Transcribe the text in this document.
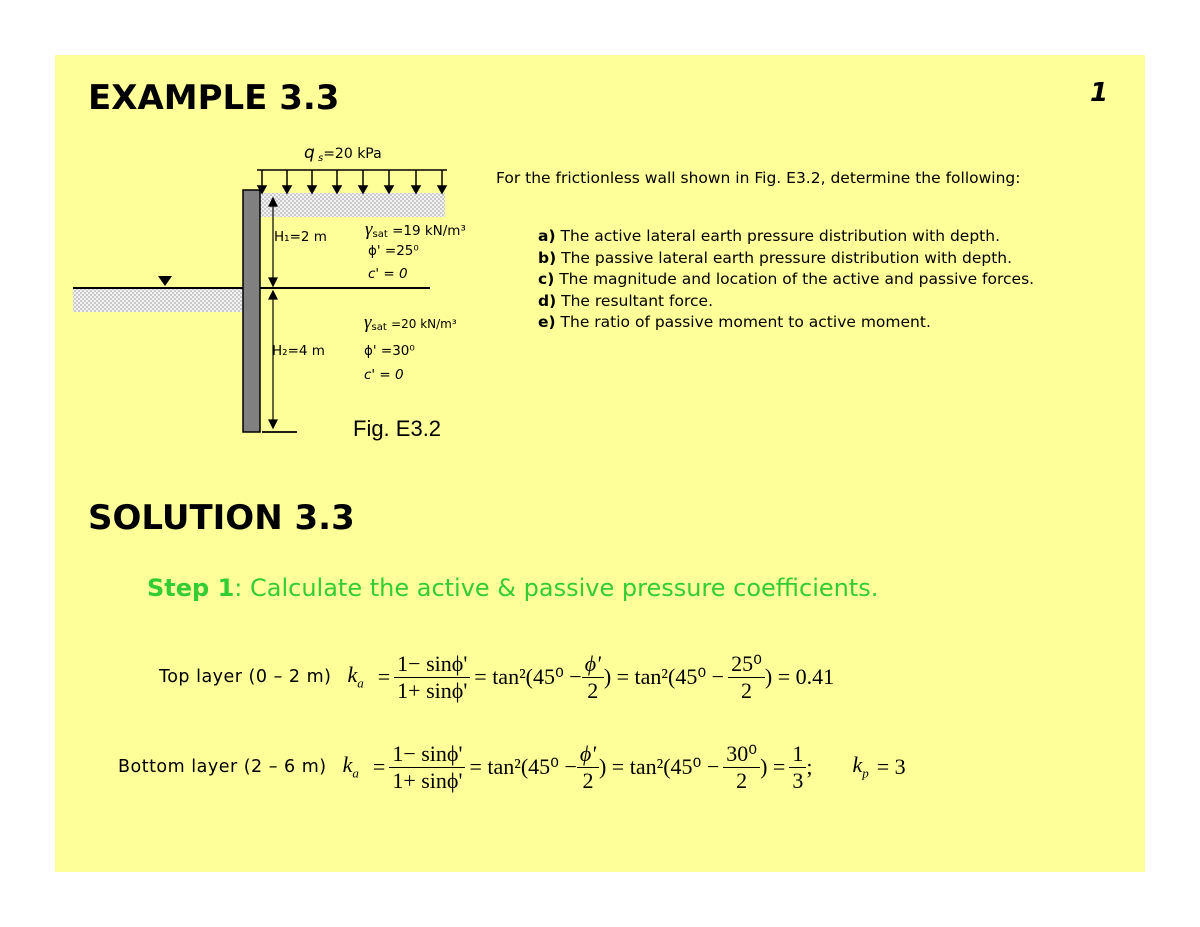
EXAMPLE 3.3	1
q $_s$=20 kPa
H₁=2 m γsat =19 kN/m³
ϕ' =25⁰
c' = 0
γsat =20 kN/m³
H₂=4 m	ϕ' =30⁰
c' = 0
Fig. E3.2
For the frictionless wall shown in Fig. E3.2, determine the following:
a) The active lateral earth pressure distribution with depth.
b) The passive lateral earth pressure distribution with depth.
c) The magnitude and location of the active and passive forces.
d) The resultant force.
e) The ratio of passive moment to active moment.
SOLUTION 3.3
Step 1: Calculate the active & passive pressure coefficients.
Top layer (0 – 2 m) $k_a = \frac{1- \sin\phi'}{1+ \sin\phi'} = \tan^2(45^0 - \frac{\phi'}{2}$ ) = $\tan^2(45^0 - \frac{\text{25⁰}}{2}$ ) = 0.41
Bottom layer (2 – 6 m) $k_a = \frac{1- \sin\phi'}{1+ \sin\phi'} = \tan^2(45^0 - \frac{\phi'}{2}$ ) = $\tan^2(45^0 - \frac{\text{30⁰}}{2}$ ) = $\frac{1}{3}$ ; $k_p = 3$
